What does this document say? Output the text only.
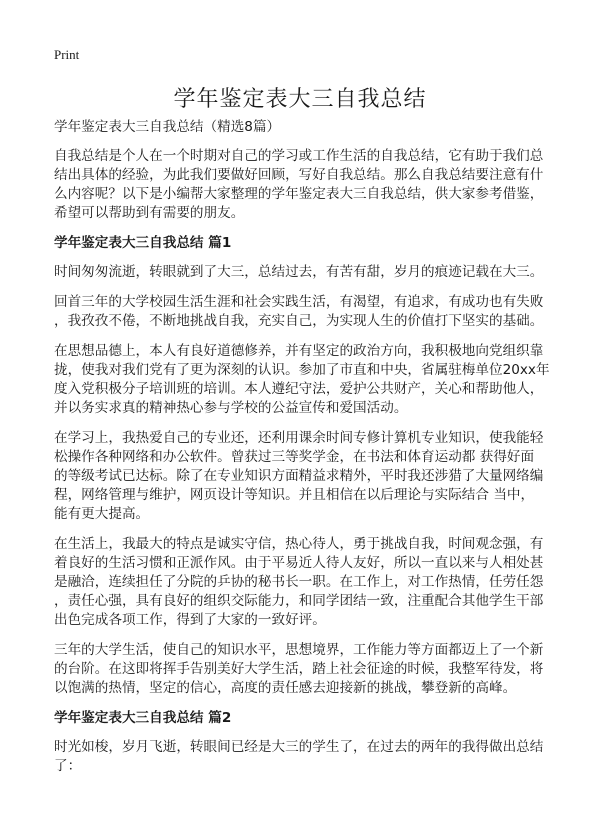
Print
学年鉴定表大三自我总结
学年鉴定表大三自我总结（精选8篇）
自我总结是个人在一个时期对自己的学习或工作生活的自我总结，它有助于我们总
结出具体的经验，为此我们要做好回顾，写好自我总结。那么自我总结要注意有什
么内容呢？以下是小编帮大家整理的学年鉴定表大三自我总结，供大家参考借鉴，
希望可以帮助到有需要的朋友。
学年鉴定表大三自我总结 篇1
时间匆匆流逝，转眼就到了大三，总结过去，有苦有甜，岁月的痕迹记载在大三。
回首三年的大学校园生活生涯和社会实践生活，有渴望，有追求，有成功也有失败
，我孜孜不倦，不断地挑战自我，充实自己，为实现人生的价值打下坚实的基础。
在思想品德上，本人有良好道德修养，并有坚定的政治方向，我积极地向党组织靠
拢，使我对我们党有了更为深刻的认识。参加了市直和中央，省属驻梅单位20xx年
度入党积极分子培训班的培训。本人遵纪守法，爱护公共财产，关心和帮助他人，
并以务实求真的精神热心参与学校的公益宣传和爱国活动。
在学习上，我热爱自己的专业还，还利用课余时间专修计算机专业知识，使我能轻
松操作各种网络和办公软件。曾获过三等奖学金，在书法和体育运动都 获得好面
的等级考试已达标。除了在专业知识方面精益求精外，平时我还涉猎了大量网络编
程，网络管理与维护，网页设计等知识。并且相信在以后理论与实际结合 当中，
能有更大提高。
在生活上，我最大的特点是诚实守信，热心待人，勇于挑战自我，时间观念强，有
着良好的生活习惯和正派作风。由于平易近人待人友好，所以一直以来与人相处甚
是融洽，连续担任了分院的乒协的秘书长一职。在工作上，对工作热情，任劳任怨
，责任心强，具有良好的组织交际能力，和同学团结一致，注重配合其他学生干部
出色完成各项工作，得到了大家的一致好评。
三年的大学生活，使自己的知识水平，思想境界，工作能力等方面都迈上了一个新
的台阶。在这即将挥手告别美好大学生活，踏上社会征途的时候，我整军待发，将
以饱满的热情，坚定的信心，高度的责任感去迎接新的挑战，攀登新的高峰。
学年鉴定表大三自我总结 篇2
时光如梭，岁月飞逝，转眼间已经是大三的学生了，在过去的两年的我得做出总结
了：
